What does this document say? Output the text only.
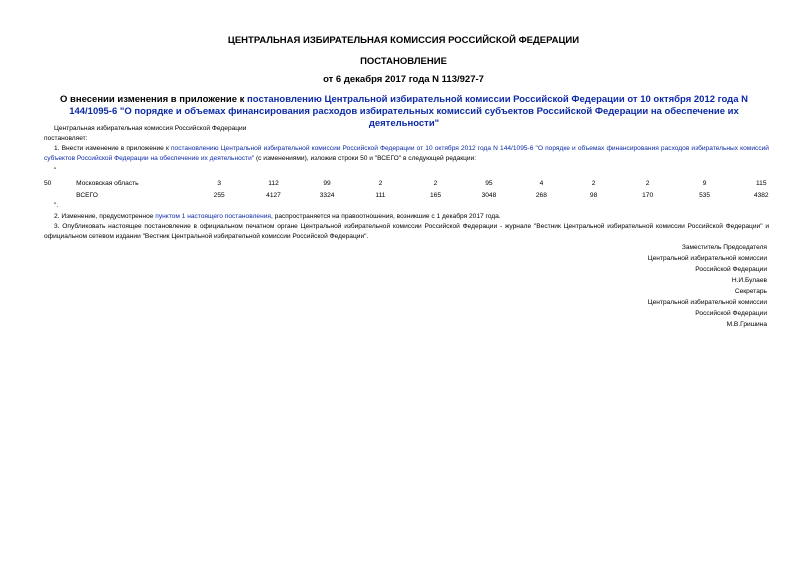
ЦЕНТРАЛЬНАЯ ИЗБИРАТЕЛЬНАЯ КОМИССИЯ РОССИЙСКОЙ ФЕДЕРАЦИИ
ПОСТАНОВЛЕНИЕ
от 6 декабря 2017 года N 113/927-7
О внесении изменения в приложение к постановлению Центральной избирательной комиссии Российской Федерации от 10 октября 2012 года N 144/1095-6 "О порядке и объемах финансирования расходов избирательных комиссий субъектов Российской Федерации на обеспечение их деятельности"
Центральная избирательная комиссия Российской Федерации
постановляет:
1. Внести изменение в приложение к постановлению Центральной избирательной комиссии Российской Федерации от 10 октября 2012 года N 144/1095-6 "О порядке и объемах финансирования расходов избирательных комиссий субъектов Российской Федерации на обеспечение их деятельности" (с изменениями), изложив строки 50 и "ВСЕГО" в следующей редакции:
"
50	Московская область	3	112	99	2	2	95	4	2	2	9	115
	ВСЕГО	255	4127	3324	111	165	3048	268	98	170	535	4382
".
2. Изменение, предусмотренное пунктом 1 настоящего постановления, распространяется на правоотношения, возникшие с 1 декабря 2017 года.
3. Опубликовать настоящее постановление в официальном печатном органе Центральной избирательной комиссии Российской Федерации - журнале "Вестник Центральной избирательной комиссии Российской Федерации" и официальном сетевом издании "Вестник Центральной избирательной комиссии Российской Федерации".
Заместитель Председателя
Центральной избирательной комиссии
Российской Федерации
Н.И.Булаев
Секретарь
Центральной избирательной комиссии
Российской Федерации
М.В.Гришина
